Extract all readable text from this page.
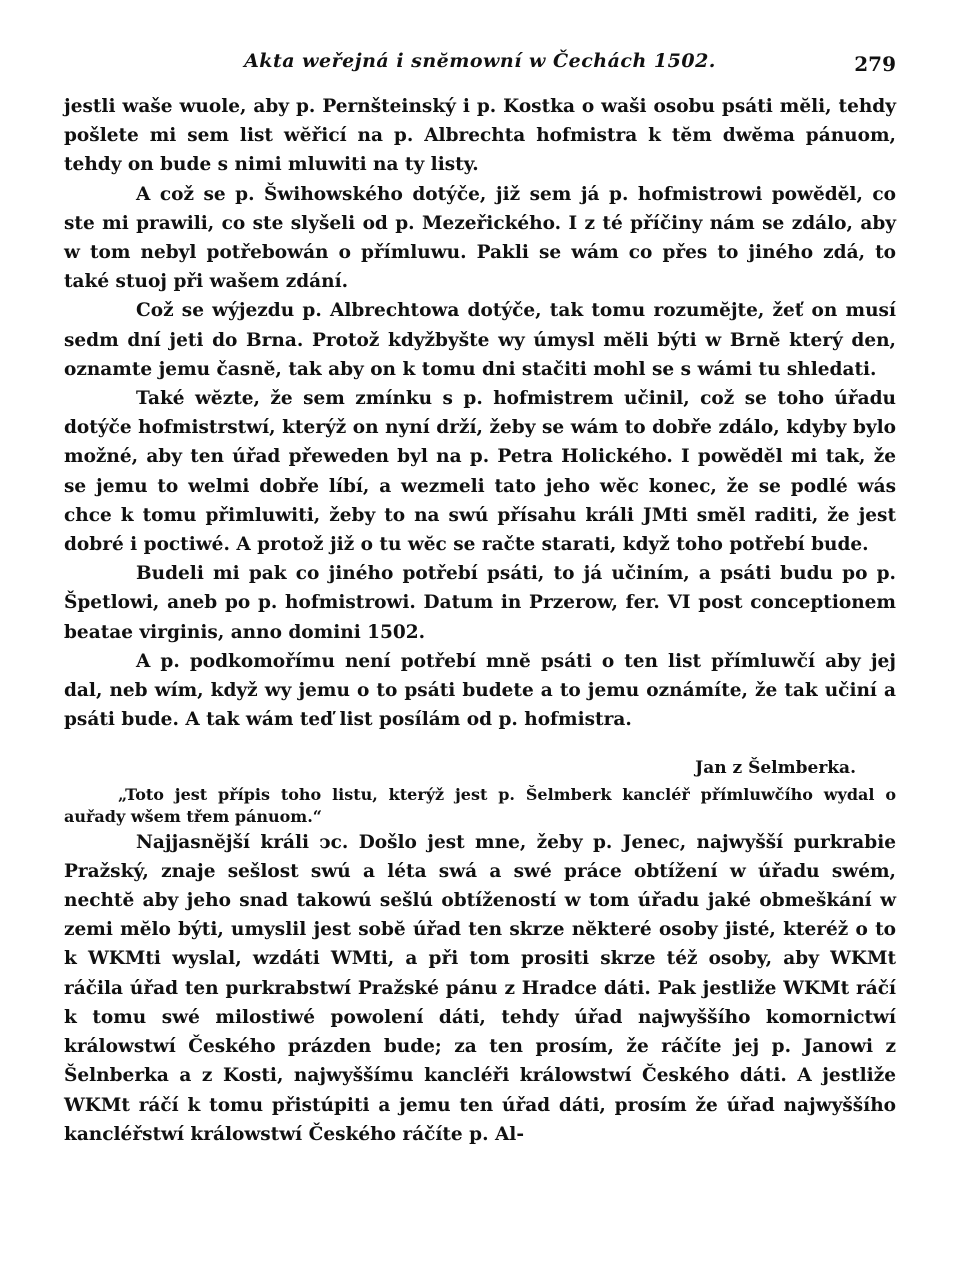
Akta weřejná i snĕmowní w Čechách 1502.	279

jestli waše wuole, aby p. Pernšteinský i p. Kostka o waši osobu psáti mĕli, tehdy pošlete mi sem list wĕřicí na p. Albrechta hofmistra k tĕm dwĕma pánuom, tehdy on bude s nimi mluwiti na ty listy.

A což se p. Šwihowského dotýče, již sem já p. hofmistrowi powĕdĕl, co ste mi prawili, co ste slyšeli od p. Mezeřického. I z té příčiny nám se zdálo, aby w tom nebyl potřebowán o přímluwu. Pakli se wám co přes to jiného zdá, to také stuoj při wašem zdání.

Což se wýjezdu p. Albrechtowa dotýče, tak tomu rozumĕjte, žeť on musí sedm dní jeti do Brna. Protož kdyžbyšte wy úmysl mĕli býti w Brnĕ který den, oznamte jemu časnĕ, tak aby on k tomu dni stačiti mohl se s wámi tu shledati.

Také wĕzte, že sem zmínku s p. hofmistrem učinil, což se toho úřadu dotýče hofmistrstwí, kterýž on nyní drží, žeby se wám to dobře zdálo, kdyby bylo možné, aby ten úřad přeweden byl na p. Petra Holického. I powĕdĕl mi tak, že se jemu to welmi dobře líbí, a wezmeli tato jeho wĕc konec, že se podlé wás chce k tomu přimluwiti, žeby to na swú přísahu králi JMti smĕl raditi, že jest dobré i poctiwé. A protož již o tu wĕc se račte starati, když toho potřebí bude.

Budeli mi pak co jiného potřebí psáti, to já učiním, a psáti budu po p. Špetlowi, aneb po p. hofmistrowi. Datum in Przerow, fer. VI post conceptionem beatae virginis, anno domini 1502.

A p. podkomořímu není potřebí mnĕ psáti o ten list přímluwčí aby jej dal, neb wím, když wy jemu o to psáti budete a to jemu oznámíte, že tak učiní a psáti bude. A tak wám teď list posílám od p. hofmistra.

Jan z Šelmberka.

„Toto jest přípis toho listu, kterýž jest p. Šelmberk kancléř přímluwčího wydal o auřady wšem třem pánuom.“

Najjasnĕjší králi ͻc. Došlo jest mne, žeby p. Jenec, najwyšší purkrabie Pražský, znaje sešlost swú a léta swá a swé práce obtížení w úřadu swém, nechtĕ aby jeho snad takowú sešlú obtížeností w tom úřadu jaké obmeškání w zemi mĕlo býti, umyslil jest sobĕ úřad ten skrze nĕkteré osoby jisté, kteréž o to k WKMti wyslal, wzdáti WMti, a při tom prositi skrze též osoby, aby WKMt ráčila úřad ten purkrabstwí Pražské pánu z Hradce dáti. Pak jestliže WKMt ráčí k tomu swé milostiwé powolení dáti, tehdy úřad najwyššího komornictwí králowstwí Českého prázden bude; za ten prosím, že ráčíte jej p. Janowi z Šelnberka a z Kosti, najwyššímu kancléři králowstwí Českého dáti. A jestliže WKMt ráčí k tomu přistúpiti a jemu ten úřad dáti, prosím že úřad najwyššího kancléřstwí králowstwí Českého ráčíte p. Al-
